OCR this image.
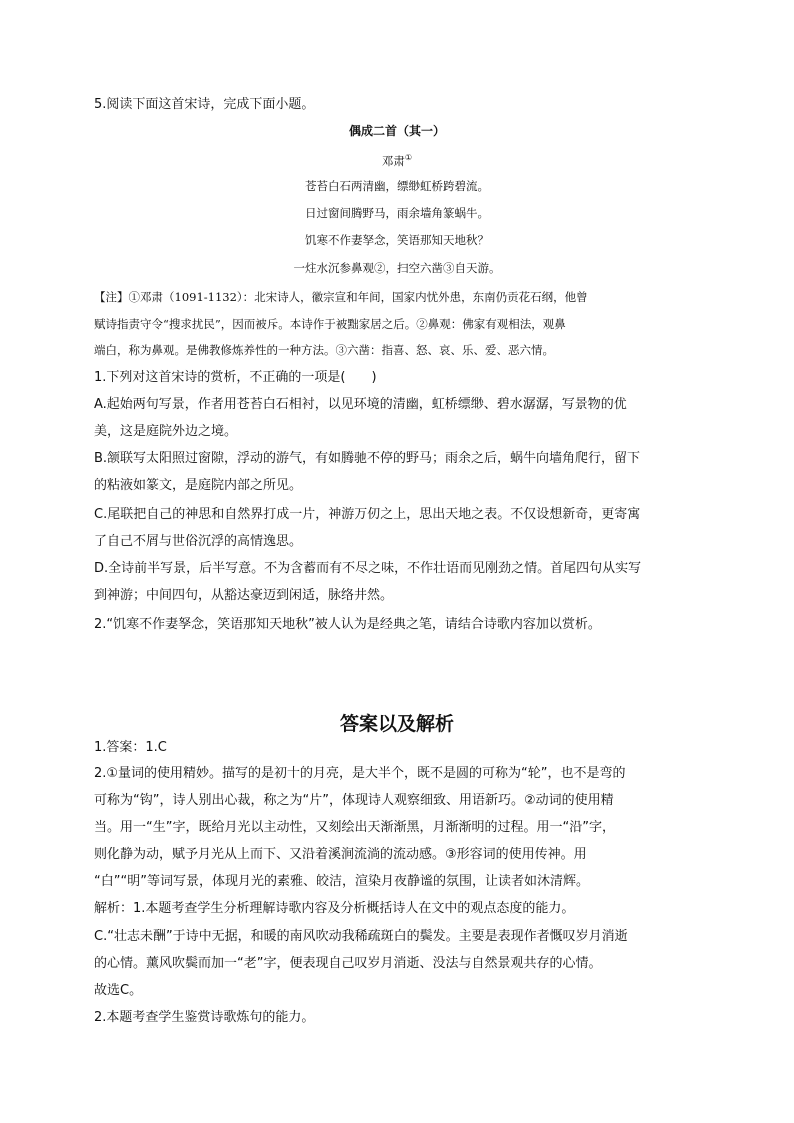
5.阅读下面这首宋诗，完成下面小题。
偶成二首（其一）
邓肃①
苍苔白石两清幽，缥缈虹桥跨碧流。
日过窗间腾野马，雨余墙角篆蜗牛。
饥寒不作妻孥念，笑语那知天地秋？
一炷水沉参鼻观②，扫空六凿③自天游。
【注】①邓肃（1091-1132）：北宋诗人，徽宗宣和年间，国家内忧外患，东南仍贡花石纲，他曾
赋诗指责守令“搜求扰民”，因而被斥。本诗作于被黜家居之后。②鼻观：佛家有观相法，观鼻
端白，称为鼻观。是佛教修炼养性的一种方法。③六凿：指喜、怒、哀、乐、爱、恶六情。
1.下列对这首宋诗的赏析，不正确的一项是(　　)
A.起始两句写景，作者用苍苔白石相衬，以见环境的清幽，虹桥缥缈、碧水潺潺，写景物的优
美，这是庭院外边之境。
B.颔联写太阳照过窗隙，浮动的游气，有如腾驰不停的野马；雨余之后，蜗牛向墙角爬行，留下
的粘液如篆文，是庭院内部之所见。
C.尾联把自己的神思和自然界打成一片，神游万仞之上，思出天地之表。不仅设想新奇，更寄寓
了自己不屑与世俗沉浮的高情逸思。
D.全诗前半写景，后半写意。不为含蓄而有不尽之味，不作壮语而见刚劲之情。首尾四句从实写
到神游；中间四句，从豁达豪迈到闲适，脉络井然。
2.“饥寒不作妻孥念，笑语那知天地秋”被人认为是经典之笔，请结合诗歌内容加以赏析。
答案以及解析
1.答案：1.C
2.①量词的使用精妙。描写的是初十的月亮，是大半个，既不是圆的可称为“轮”，也不是弯的
可称为“钩”，诗人别出心裁，称之为“片”，体现诗人观察细致、用语新巧。②动词的使用精
当。用一“生”字，既给月光以主动性，又刻绘出天渐渐黑，月渐渐明的过程。用一“沿”字，
则化静为动，赋予月光从上而下、又沿着溪涧流淌的流动感。③形容词的使用传神。用
“白”“明”等词写景，体现月光的素雅、皎洁，渲染月夜静谧的氛围，让读者如沐清辉。
解析：1.本题考查学生分析理解诗歌内容及分析概括诗人在文中的观点态度的能力。
C.“壮志未酬”于诗中无据，和暖的南风吹动我稀疏斑白的鬓发。主要是表现作者慨叹岁月消逝
的心情。薰风吹鬓而加一“老”字，便表现自己叹岁月消逝、没法与自然景观共存的心情。
故选C。
2.本题考查学生鉴赏诗歌炼句的能力。
